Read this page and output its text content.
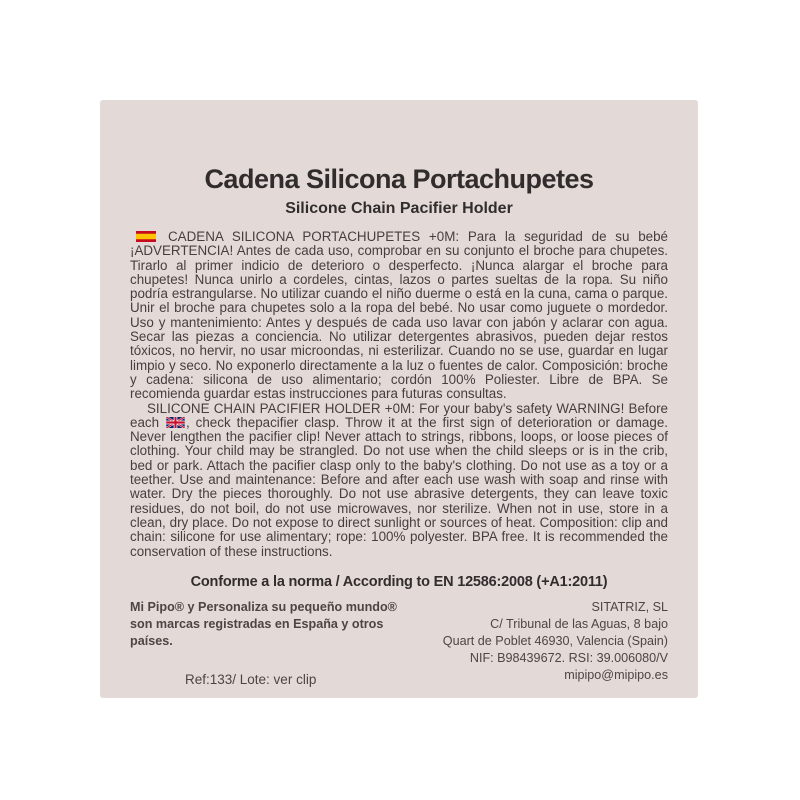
Cadena Silicona Portachupetes
Silicone Chain Pacifier Holder

CADENA SILICONA PORTACHUPETES +0M: Para la seguridad de su bebé ¡ADVERTENCIA! Antes de cada uso, comprobar en su conjunto el broche para chupetes. Tirarlo al primer indicio de deterioro o desperfecto. ¡Nunca alargar el broche para chupetes! Nunca unirlo a cordeles, cintas, lazos o partes sueltas de la ropa. Su niño podría estrangularse. No utilizar cuando el niño duerme o está en la cuna, cama o parque. Unir el broche para chupetes solo a la ropa del bebé. No usar como juguete o mordedor. Uso y mantenimiento: Antes y después de cada uso lavar con jabón y aclarar con agua. Secar las piezas a conciencia. No utilizar detergentes abrasivos, pueden dejar restos tóxicos, no hervir, no usar microondas, ni esterilizar. Cuando no se use, guardar en lugar limpio y seco. No exponerlo directamente a la luz o fuentes de calor. Composición: broche y cadena: silicona de uso alimentario; cordón 100% Poliester. Libre de BPA. Se recomienda guardar estas instrucciones para futuras consultas.

SILICONE CHAIN PACIFIER HOLDER +0M: For your baby's safety WARNING! Before each , check thepacifier clasp. Throw it at the first sign of deterioration or damage. Never lengthen the pacifier clip! Never attach to strings, ribbons, loops, or loose pieces of clothing. Your child may be strangled. Do not use when the child sleeps or is in the crib, bed or park. Attach the pacifier clasp only to the baby's clothing. Do not use as a toy or a teether. Use and maintenance: Before and after each use wash with soap and rinse with water. Dry the pieces thoroughly. Do not use abrasive detergents, they can leave toxic residues, do not boil, do not use microwaves, nor sterilize. When not in use, store in a clean, dry place. Do not expose to direct sunlight or sources of heat. Composition: clip and chain: silicone for use alimentary; rope: 100% polyester. BPA free. It is recommended the conservation of these instructions.

Conforme a la norma / According to EN 12586:2008 (+A1:2011)
Mi Pipo® y Personaliza su pequeño mundo® son marcas registradas en España y otros países.
Ref:133/ Lote: ver clip
SITATRIZ, SL
C/ Tribunal de las Aguas, 8 bajo
Quart de Poblet 46930, Valencia (Spain)
NIF: B98439672. RSI: 39.006080/V
mipipo@mipipo.es
